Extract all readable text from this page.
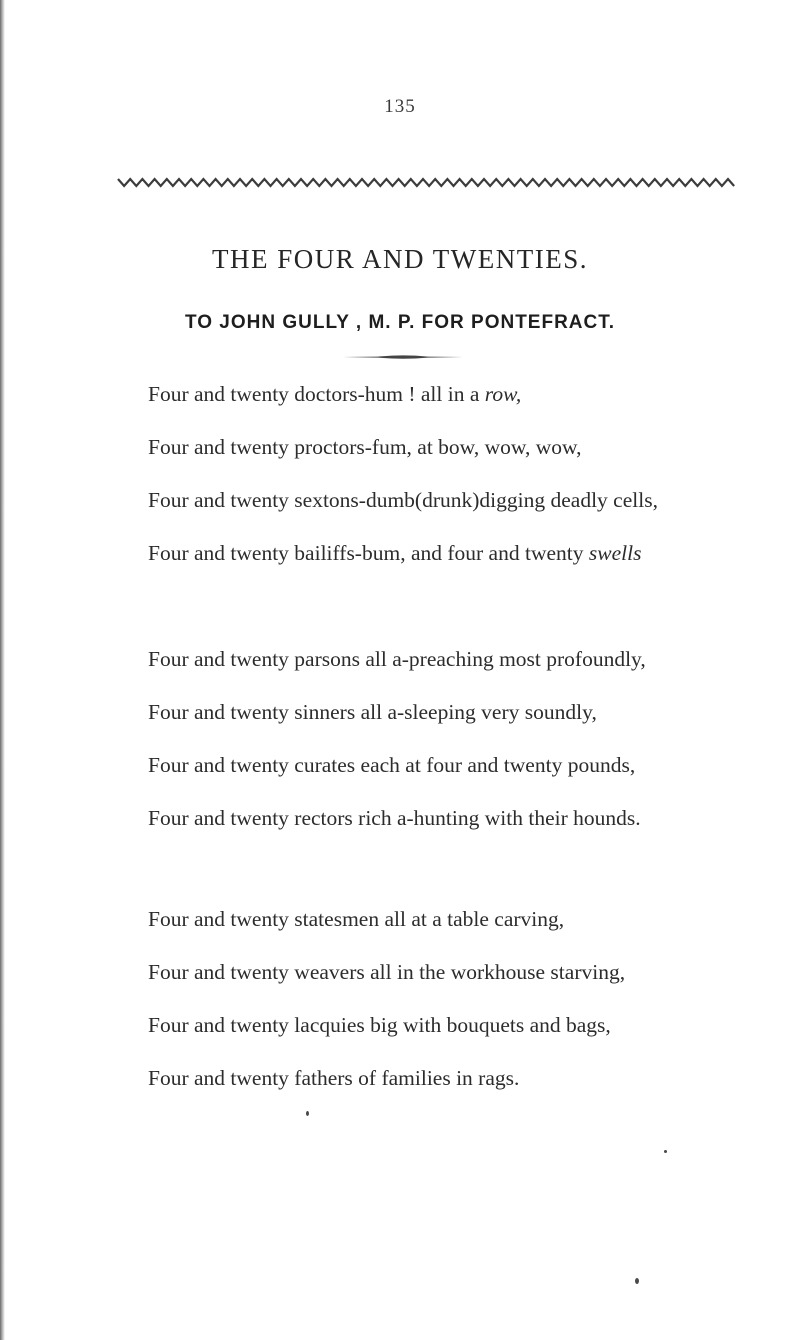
135
THE FOUR AND TWENTIES.
TO JOHN GULLY , M. P. FOR PONTEFRACT.
Four and twenty doctors-hum ! all in a row,
Four and twenty proctors-fum, at bow, wow, wow,
Four and twenty sextons-dumb(drunk)digging deadly cells,
Four and twenty bailiffs-bum, and four and twenty swells
Four and twenty parsons all a-preaching most profoundly,
Four and twenty sinners all a-sleeping very soundly,
Four and twenty curates each at four and twenty pounds,
Four and twenty rectors rich a-hunting with their hounds.
Four and twenty statesmen all at a table carving,
Four and twenty weavers all in the workhouse starving,
Four and twenty lacquies big with bouquets and bags,
Four and twenty fathers of families in rags.
